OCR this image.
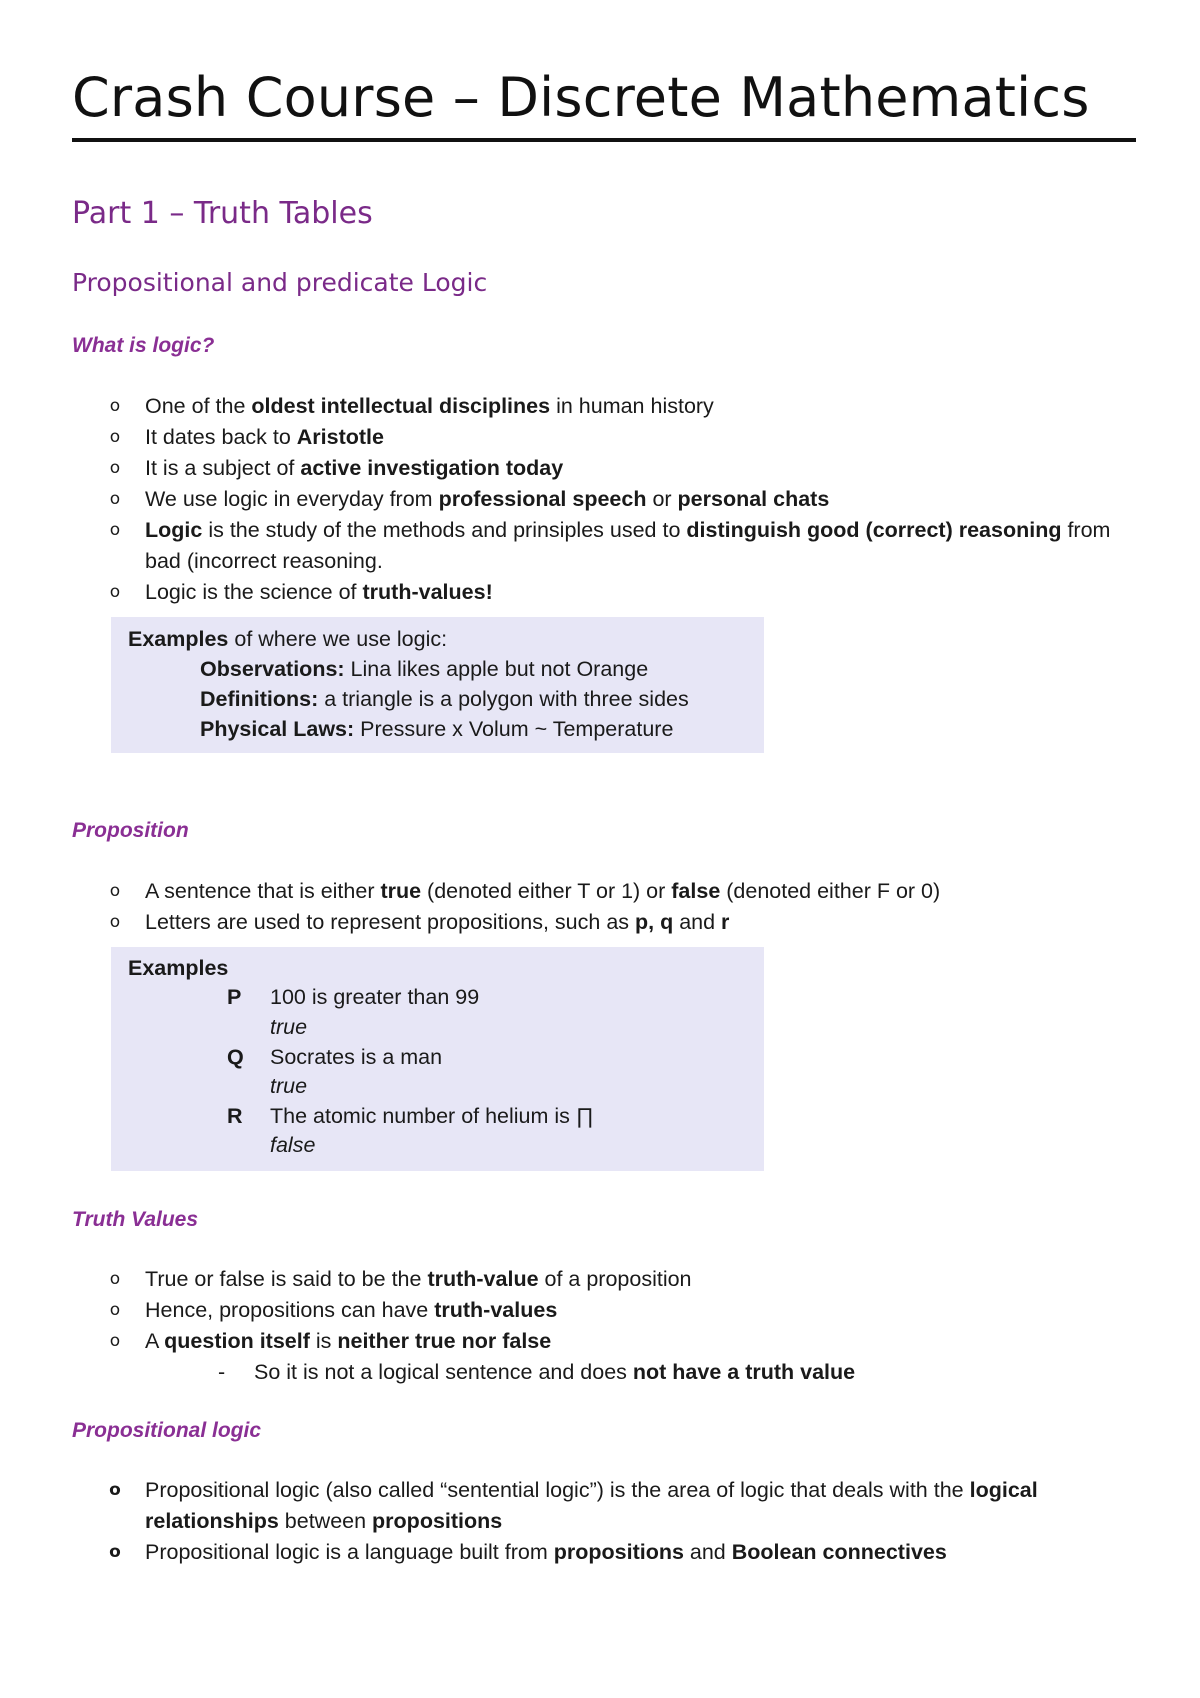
Crash Course – Discrete Mathematics
Part 1 – Truth Tables
Propositional and predicate Logic
What is logic?
o One of the oldest intellectual disciplines in human history
o It dates back to Aristotle
o It is a subject of active investigation today
o We use logic in everyday from professional speech or personal chats
o Logic is the study of the methods and prinsiples used to distinguish good (correct) reasoning from
bad (incorrect reasoning.
o Logic is the science of truth-values!
Examples of where we use logic:
Observations: Lina likes apple but not Orange
Definitions: a triangle is a polygon with three sides
Physical Laws: Pressure x Volum ~ Temperature
Proposition
o A sentence that is either true (denoted either T or 1) or false (denoted either F or 0)
o Letters are used to represent propositions, such as p, q and r
Examples
P 100 is greater than 99
true
Q Socrates is a man
true
R The atomic number of helium is ∏
false
Truth Values
o True or false is said to be the truth-value of a proposition
o Hence, propositions can have truth-values
o A question itself is neither true nor false
- So it is not a logical sentence and does not have a truth value
Propositional logic
o Propositional logic (also called “sentential logic”) is the area of logic that deals with the logical
relationships between propositions
o Propositional logic is a language built from propositions and Boolean connectives
